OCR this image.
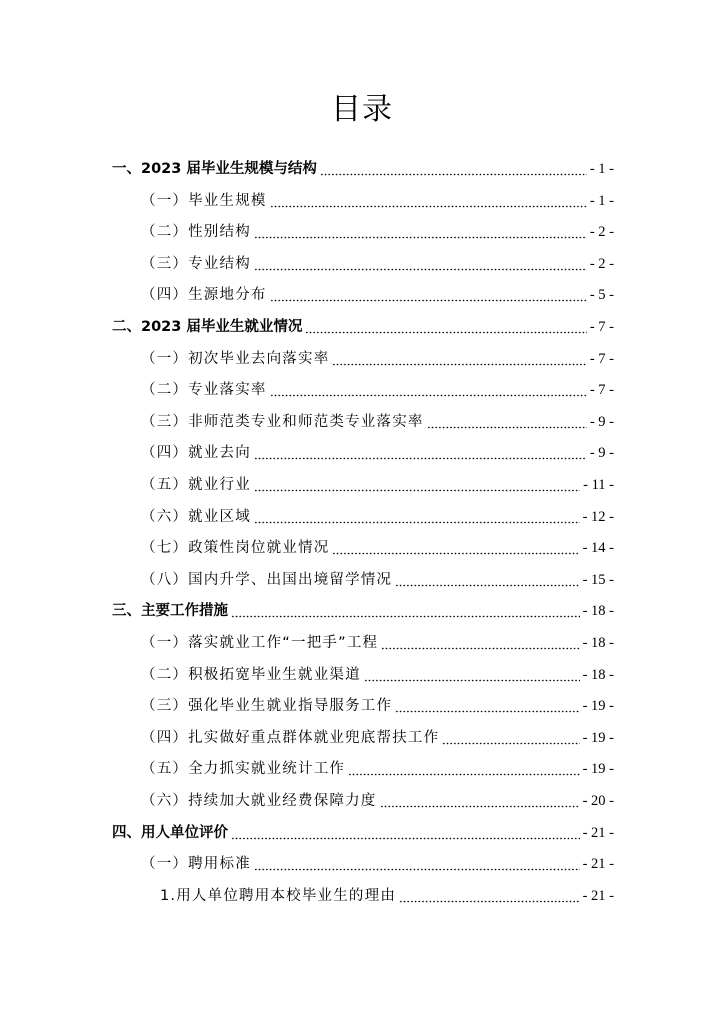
目录
一、2023 届毕业生规模与结构	- 1 -
（一）毕业生规模	- 1 -
（二）性别结构	- 2 -
（三）专业结构	- 2 -
（四）生源地分布	- 5 -
二、2023 届毕业生就业情况	- 7 -
（一）初次毕业去向落实率	- 7 -
（二）专业落实率	- 7 -
（三）非师范类专业和师范类专业落实率	- 9 -
（四）就业去向	- 9 -
（五）就业行业	- 11 -
（六）就业区域	- 12 -
（七）政策性岗位就业情况	- 14 -
（八）国内升学、出国出境留学情况	- 15 -
三、主要工作措施	- 18 -
（一）落实就业工作“一把手”工程	- 18 -
（二）积极拓宽毕业生就业渠道	- 18 -
（三）强化毕业生就业指导服务工作	- 19 -
（四）扎实做好重点群体就业兜底帮扶工作	- 19 -
（五）全力抓实就业统计工作	- 19 -
（六）持续加大就业经费保障力度	- 20 -
四、用人单位评价	- 21 -
（一）聘用标准	- 21 -
1.用人单位聘用本校毕业生的理由	- 21 -
